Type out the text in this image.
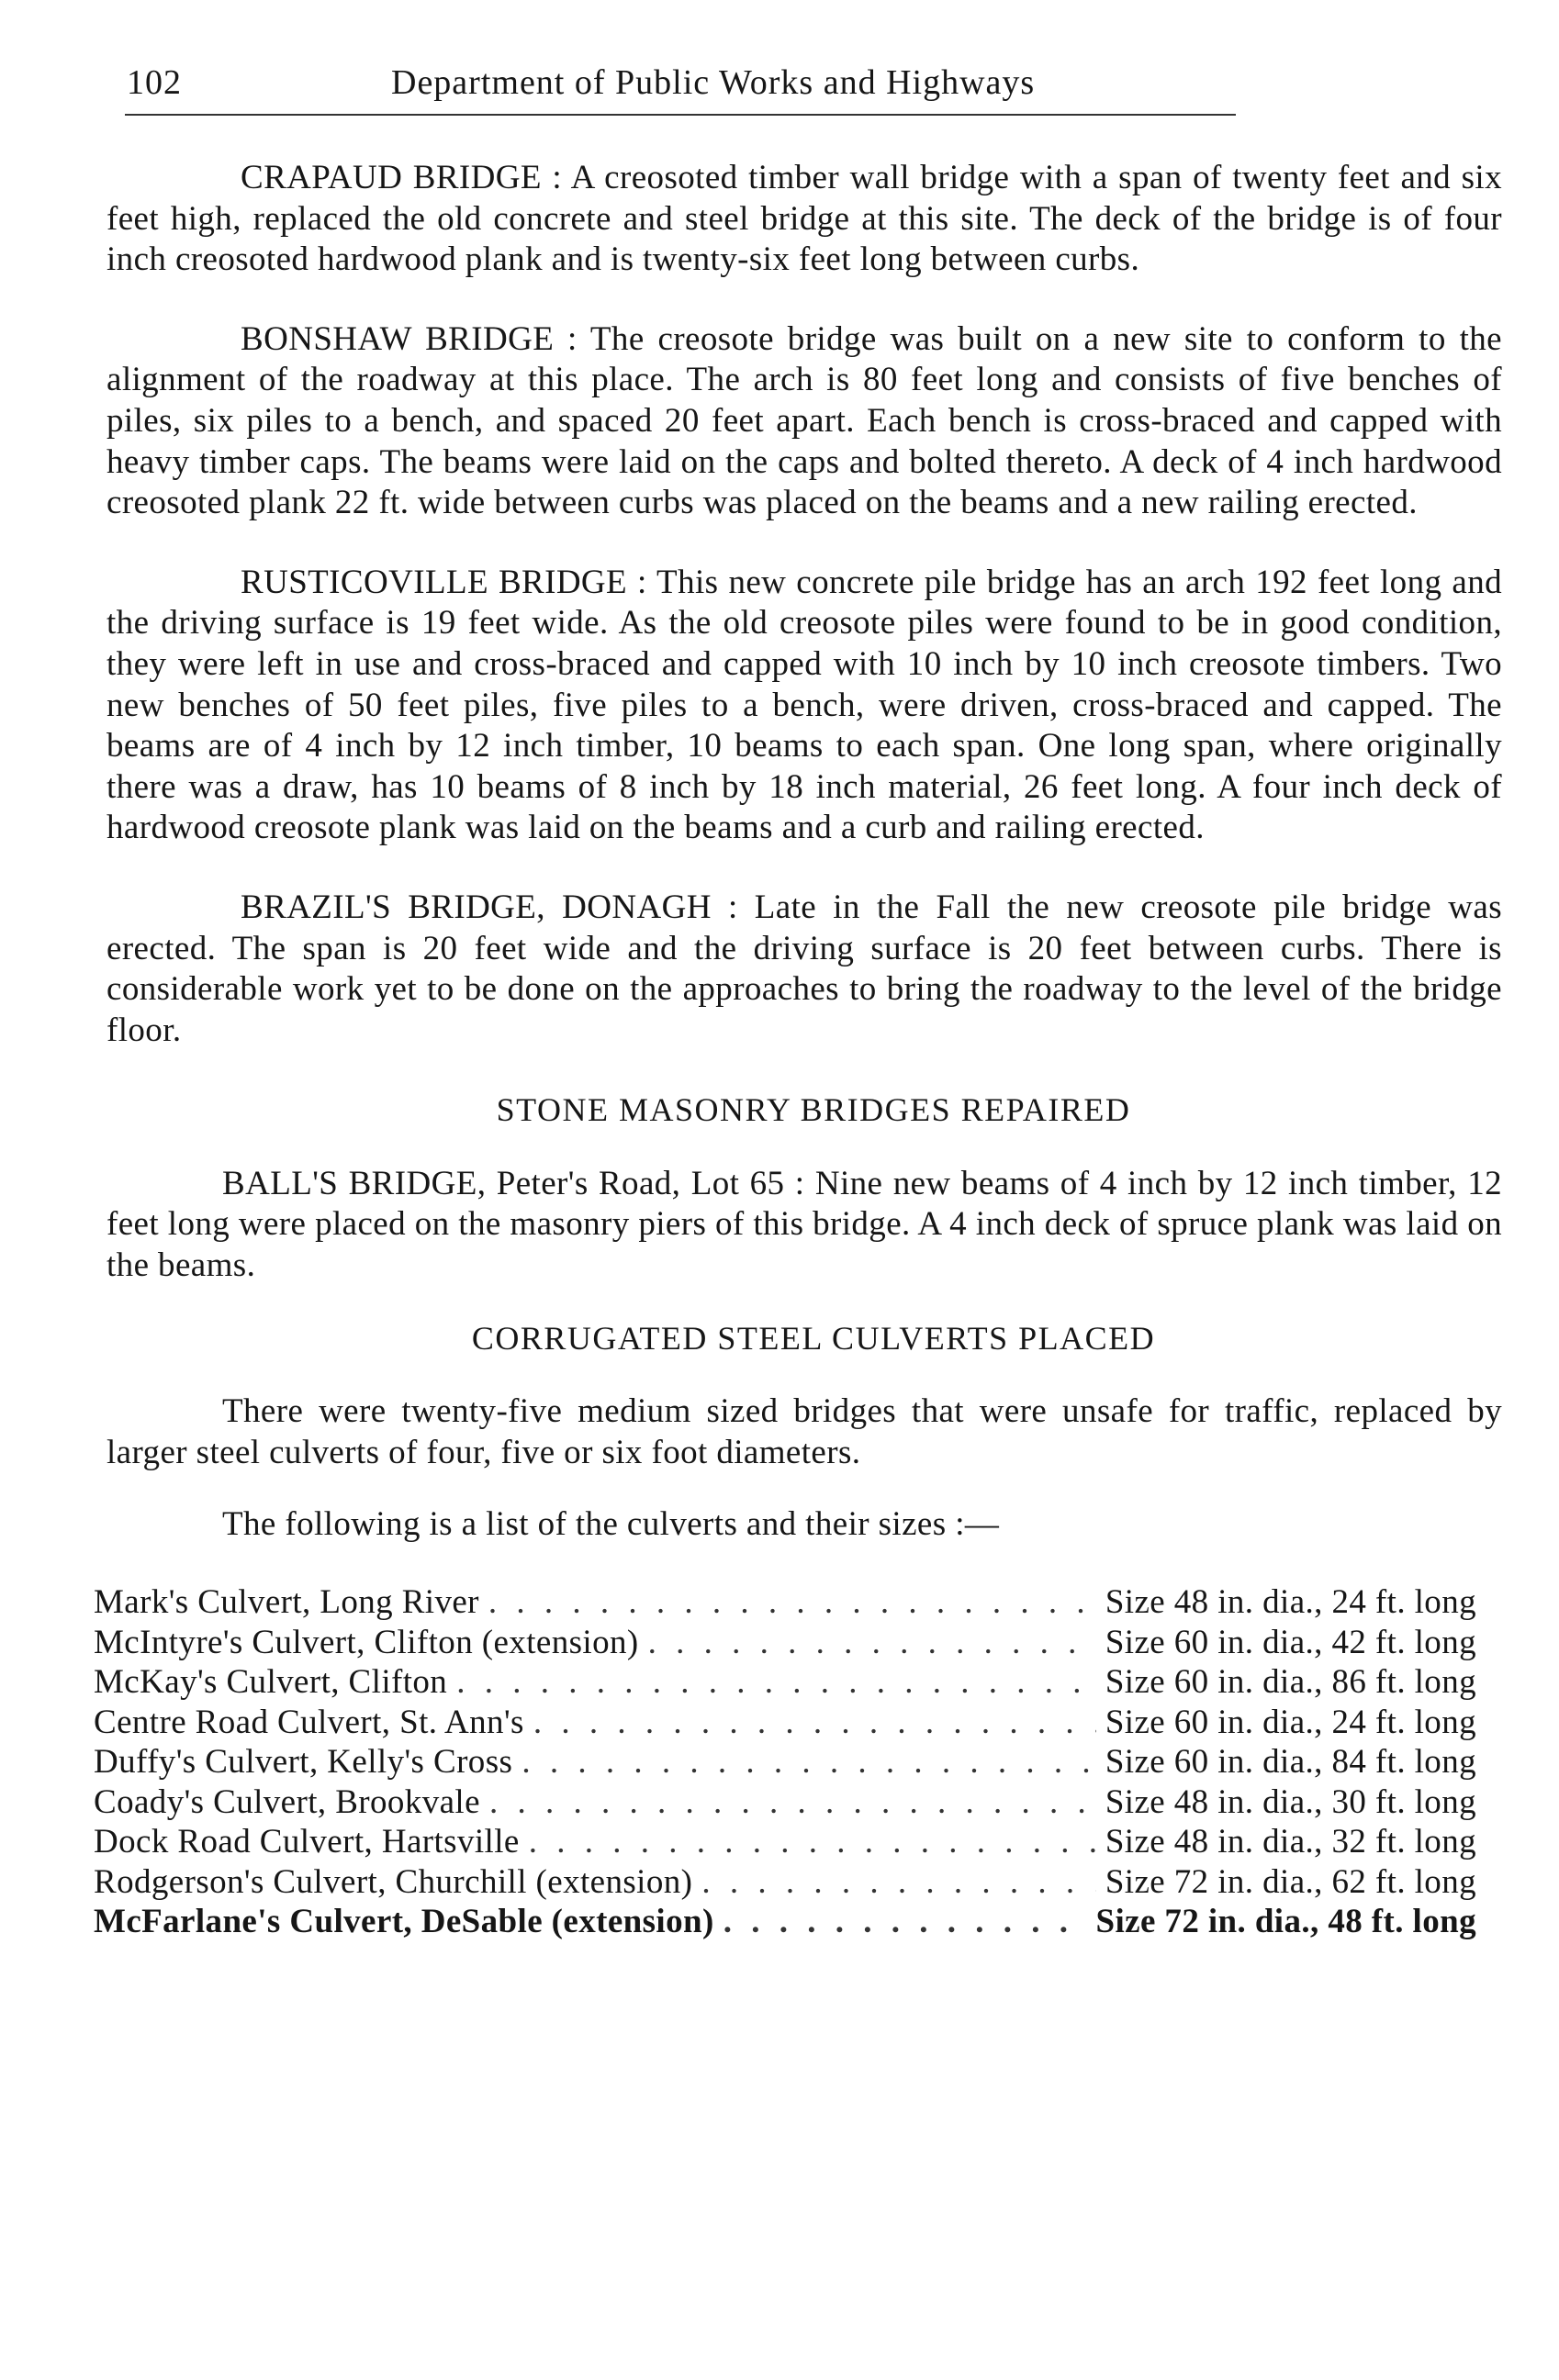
102	Department of Public Works and Highways

CRAPAUD BRIDGE : A creosoted timber wall bridge with a span of twenty feet and six feet high, replaced the old concrete and steel bridge at this site. The deck of the bridge is of four inch creosoted hardwood plank and is twenty-six feet long between curbs.

BONSHAW BRIDGE : The creosote bridge was built on a new site to conform to the alignment of the roadway at this place. The arch is 80 feet long and consists of five benches of piles, six piles to a bench, and spaced 20 feet apart. Each bench is cross-braced and capped with heavy timber caps. The beams were laid on the caps and bolted thereto. A deck of 4 inch hardwood creosoted plank 22 ft. wide between curbs was placed on the beams and a new railing erected.

RUSTICOVILLE BRIDGE : This new concrete pile bridge has an arch 192 feet long and the driving surface is 19 feet wide. As the old creosote piles were found to be in good condition, they were left in use and cross-braced and capped with 10 inch by 10 inch creosote timbers. Two new benches of 50 feet piles, five piles to a bench, were driven, cross-braced and capped. The beams are of 4 inch by 12 inch timber, 10 beams to each span. One long span, where originally there was a draw, has 10 beams of 8 inch by 18 inch material, 26 feet long. A four inch deck of hardwood creosote plank was laid on the beams and a curb and railing erected.

BRAZIL'S BRIDGE, DONAGH : Late in the Fall the new creosote pile bridge was erected. The span is 20 feet wide and the driving surface is 20 feet between curbs. There is considerable work yet to be done on the approaches to bring the roadway to the level of the bridge floor.

STONE MASONRY BRIDGES REPAIRED

BALL'S BRIDGE, Peter's Road, Lot 65 : Nine new beams of 4 inch by 12 inch timber, 12 feet long were placed on the masonry piers of this bridge. A 4 inch deck of spruce plank was laid on the beams.

CORRUGATED STEEL CULVERTS PLACED

There were twenty-five medium sized bridges that were unsafe for traffic, replaced by larger steel culverts of four, five or six foot diameters.

The following is a list of the culverts and their sizes :—

Mark's Culvert, Long River . . .	Size 48 in. dia., 24 ft. long
McIntyre's Culvert, Clifton (extension) . . .	Size 60 in. dia., 42 ft. long
McKay's Culvert, Clifton . . .	Size 60 in. dia., 86 ft. long
Centre Road Culvert, St. Ann's . . .	Size 60 in. dia., 24 ft. long
Duffy's Culvert, Kelly's Cross . . .	Size 60 in. dia., 84 ft. long
Coady's Culvert, Brookvale . . .	Size 48 in. dia., 30 ft. long
Dock Road Culvert, Hartsville . . .	Size 48 in. dia., 32 ft. long
Rodgerson's Culvert, Churchill (extension) . . .	Size 72 in. dia., 62 ft. long
McFarlane's Culvert, DeSable (extension) . . .	Size 72 in. dia., 48 ft. long
